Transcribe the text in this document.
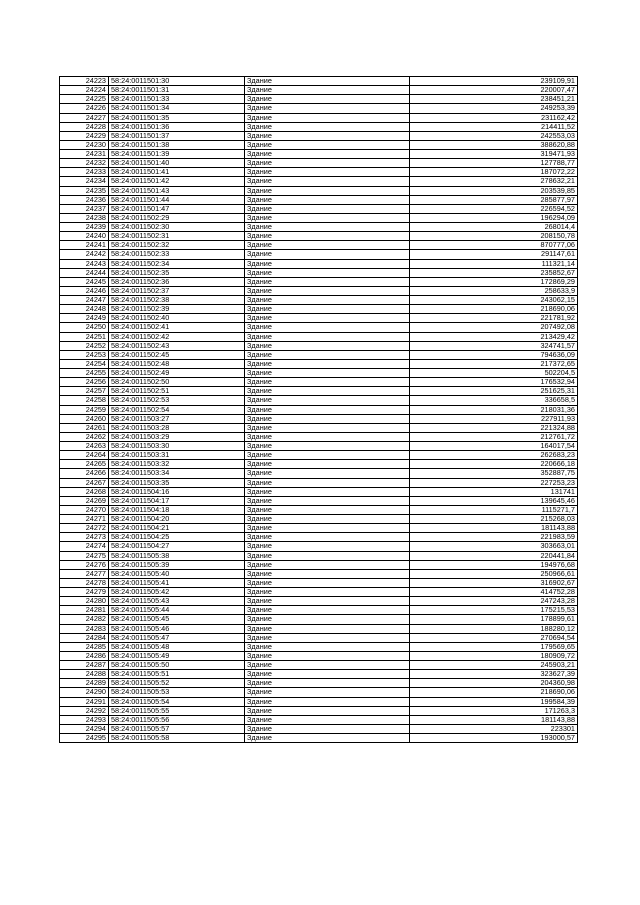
24223	58:24:0011501:30	Здание	239109,91
24224	58:24:0011501:31	Здание	220007,47
24225	58:24:0011501:33	Здание	238451,21
24226	58:24:0011501:34	Здание	249253,39
24227	58:24:0011501:35	Здание	231162,42
24228	58:24:0011501:36	Здание	214411,52
24229	58:24:0011501:37	Здание	242553,03
24230	58:24:0011501:38	Здание	388620,88
24231	58:24:0011501:39	Здание	319471,93
24232	58:24:0011501:40	Здание	127788,77
24233	58:24:0011501:41	Здание	187072,22
24234	58:24:0011501:42	Здание	278632,21
24235	58:24:0011501:43	Здание	203539,85
24236	58:24:0011501:44	Здание	285877,97
24237	58:24:0011501:47	Здание	226594,52
24238	58:24:0011502:29	Здание	196294,09
24239	58:24:0011502:30	Здание	268014,4
24240	58:24:0011502:31	Здание	208150,78
24241	58:24:0011502:32	Здание	870777,06
24242	58:24:0011502:33	Здание	291147,61
24243	58:24:0011502:34	Здание	111321,14
24244	58:24:0011502:35	Здание	235852,67
24245	58:24:0011502:36	Здание	172869,29
24246	58:24:0011502:37	Здание	258633,9
24247	58:24:0011502:38	Здание	243062,15
24248	58:24:0011502:39	Здание	218690,06
24249	58:24:0011502:40	Здание	221781,92
24250	58:24:0011502:41	Здание	207492,08
24251	58:24:0011502:42	Здание	213429,42
24252	58:24:0011502:43	Здание	324741,57
24253	58:24:0011502:45	Здание	794636,09
24254	58:24:0011502:48	Здание	217372,65
24255	58:24:0011502:49	Здание	502204,5
24256	58:24:0011502:50	Здание	176532,94
24257	58:24:0011502:51	Здание	251625,31
24258	58:24:0011502:53	Здание	336658,5
24259	58:24:0011502:54	Здание	218031,36
24260	58:24:0011503:27	Здание	227911,93
24261	58:24:0011503:28	Здание	221324,88
24262	58:24:0011503:29	Здание	212761,72
24263	58:24:0011503:30	Здание	164017,54
24264	58:24:0011503:31	Здание	262683,23
24265	58:24:0011503:32	Здание	220666,18
24266	58:24:0011503:34	Здание	352887,75
24267	58:24:0011503:35	Здание	227253,23
24268	58:24:0011504:16	Здание	131741
24269	58:24:0011504:17	Здание	139645,46
24270	58:24:0011504:18	Здание	1115271,7
24271	58:24:0011504:20	Здание	215268,03
24272	58:24:0011504:21	Здание	181143,88
24273	58:24:0011504:25	Здание	221983,59
24274	58:24:0011504:27	Здание	303663,01
24275	58:24:0011505:38	Здание	220441,84
24276	58:24:0011505:39	Здание	194976,68
24277	58:24:0011505:40	Здание	250966,61
24278	58:24:0011505:41	Здание	316902,67
24279	58:24:0011505:42	Здание	414752,28
24280	58:24:0011505:43	Здание	247243,28
24281	58:24:0011505:44	Здание	175215,53
24282	58:24:0011505:45	Здание	178899,61
24283	58:24:0011505:46	Здание	188280,12
24284	58:24:0011505:47	Здание	270694,54
24285	58:24:0011505:48	Здание	179569,65
24286	58:24:0011505:49	Здание	180909,72
24287	58:24:0011505:50	Здание	245903,21
24288	58:24:0011505:51	Здание	323627,39
24289	58:24:0011505:52	Здание	204360,98
24290	58:24:0011505:53	Здание	218690,06
24291	58:24:0011505:54	Здание	199584,39
24292	58:24:0011505:55	Здание	171263,3
24293	58:24:0011505:56	Здание	181143,88
24294	58:24:0011505:57	Здание	223301
24295	58:24:0011505:58	Здание	193000,57
